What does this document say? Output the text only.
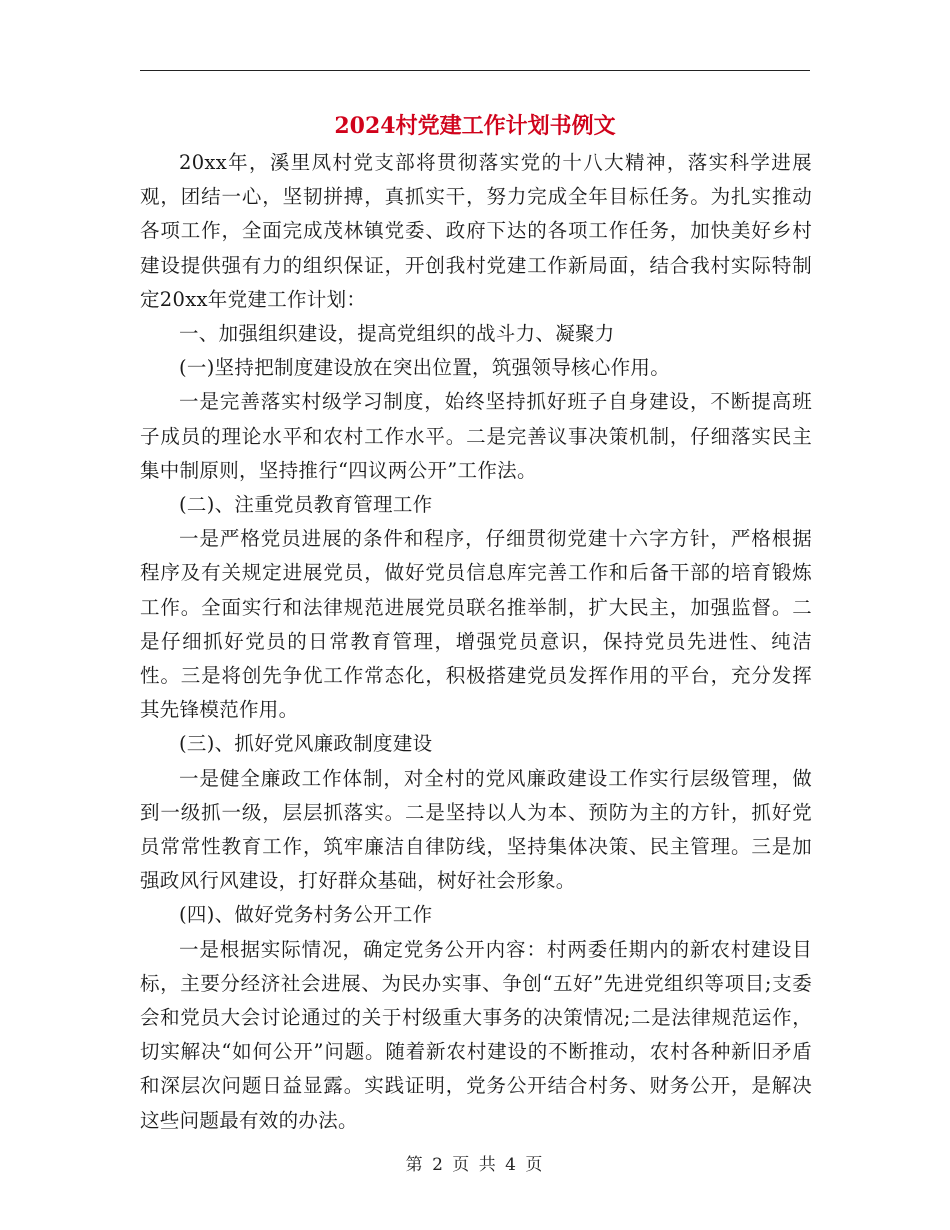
2024村党建工作计划书例文

20xx年，溪里凤村党支部将贯彻落实党的十八大精神，落实科学进展观，团结一心，坚韧拼搏，真抓实干，努力完成全年目标任务。为扎实推动各项工作，全面完成茂林镇党委、政府下达的各项工作任务，加快美好乡村建设提供强有力的组织保证，开创我村党建工作新局面，结合我村实际特制定20xx年党建工作计划：

一、加强组织建设，提高党组织的战斗力、凝聚力

(一)坚持把制度建设放在突出位置，筑强领导核心作用。

一是完善落实村级学习制度，始终坚持抓好班子自身建设，不断提高班子成员的理论水平和农村工作水平。二是完善议事决策机制，仔细落实民主集中制原则，坚持推行“四议两公开”工作法。

(二)、注重党员教育管理工作

一是严格党员进展的条件和程序，仔细贯彻党建十六字方针，严格根据程序及有关规定进展党员，做好党员信息库完善工作和后备干部的培育锻炼工作。全面实行和法律规范进展党员联名推举制，扩大民主，加强监督。二是仔细抓好党员的日常教育管理，增强党员意识，保持党员先进性、纯洁性。三是将创先争优工作常态化，积极搭建党员发挥作用的平台，充分发挥其先锋模范作用。

(三)、抓好党风廉政制度建设

一是健全廉政工作体制，对全村的党风廉政建设工作实行层级管理，做到一级抓一级，层层抓落实。二是坚持以人为本、预防为主的方针，抓好党员常常性教育工作，筑牢廉洁自律防线，坚持集体决策、民主管理。三是加强政风行风建设，打好群众基础，树好社会形象。

(四)、做好党务村务公开工作

一是根据实际情况，确定党务公开内容：村两委任期内的新农村建设目标，主要分经济社会进展、为民办实事、争创“五好”先进党组织等项目;支委会和党员大会讨论通过的关于村级重大事务的决策情况;二是法律规范运作，切实解决“如何公开”问题。随着新农村建设的不断推动，农村各种新旧矛盾和深层次问题日益显露。实践证明，党务公开结合村务、财务公开，是解决这些问题最有效的办法。

第 2 页 共 4 页
